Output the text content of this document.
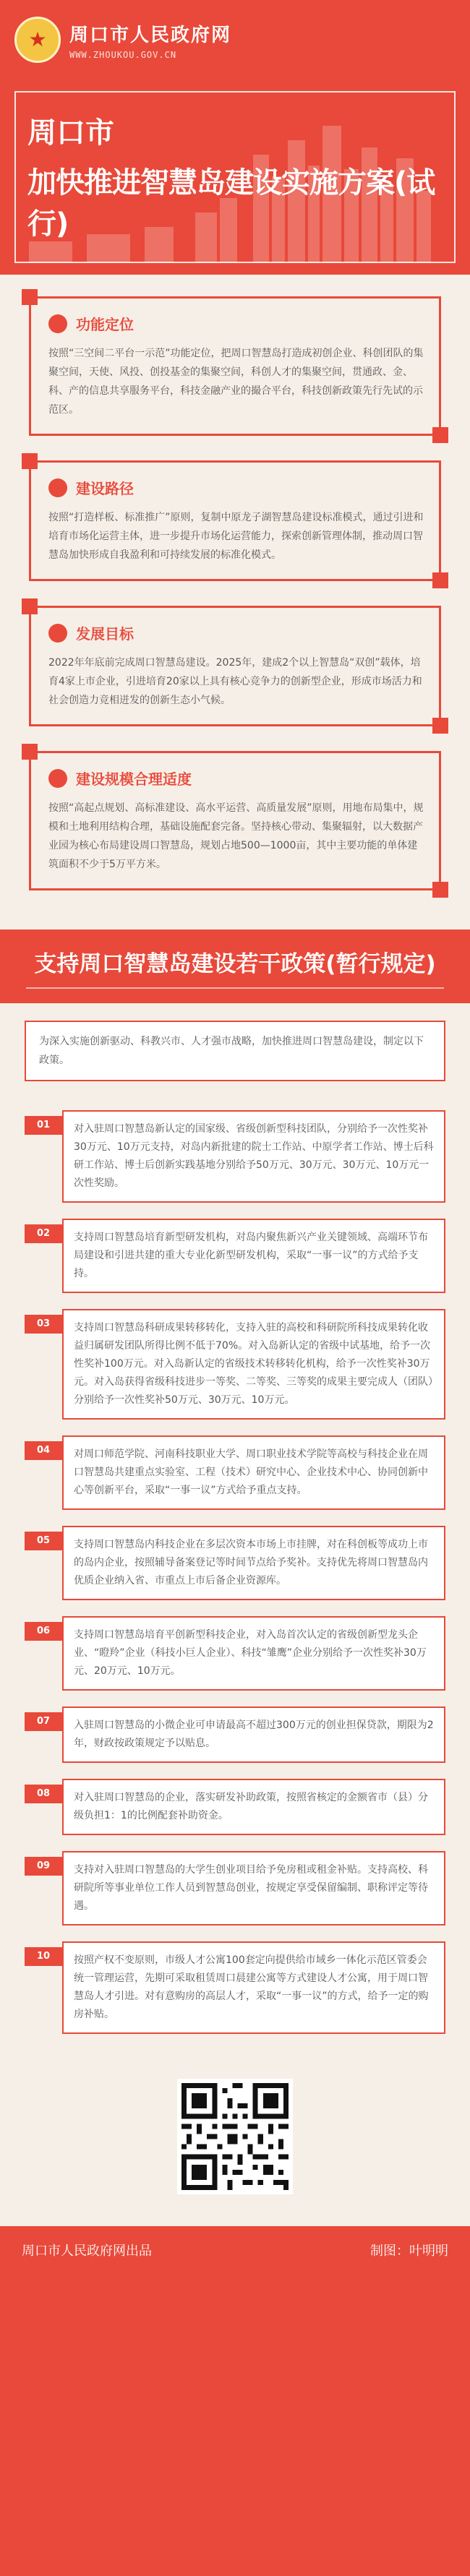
★
周口市人民政府网
WWW.ZHOUKOU.GOV.CN
周口市
加快推进智慧岛建设实施方案(试行)
功能定位
按照“三空间二平台一示范”功能定位，把周口智慧岛打造成初创企业、科创团队的集聚空间，天使、风投、创投基金的集聚空间，科创人才的集聚空间，贯通政、金、科、产的信息共享服务平台，科技金融产业的撮合平台，科技创新政策先行先试的示范区。
建设路径
按照“打造样板、标准推广”原则，复制中原龙子湖智慧岛建设标准模式，通过引进和培育市场化运营主体，进一步提升市场化运营能力，探索创新管理体制，推动周口智慧岛加快形成自我盈利和可持续发展的标准化模式。
发展目标
2022年年底前完成周口智慧岛建设。2025年，建成2个以上智慧岛“双创”载体，培育4家上市企业，引进培育20家以上具有核心竞争力的创新型企业，形成市场活力和社会创造力竞相迸发的创新生态小气候。
建设规模合理适度
按照“高起点规划、高标准建设、高水平运营、高质量发展”原则，用地布局集中，规模和土地利用结构合理，基础设施配套完备。坚持核心带动、集聚辐射，以大数据产业园为核心布局建设周口智慧岛，规划占地500—1000亩，其中主要功能的单体建筑面积不少于5万平方米。
支持周口智慧岛建设若干政策(暂行规定)
为深入实施创新驱动、科教兴市、人才强市战略，加快推进周口智慧岛建设，制定以下政策。
01	对入驻周口智慧岛新认定的国家级、省级创新型科技团队，分别给予一次性奖补30万元、10万元支持，对岛内新批建的院士工作站、中原学者工作站、博士后科研工作站、博士后创新实践基地分别给予50万元、30万元、30万元、10万元一次性奖励。
02	支持周口智慧岛培育新型研发机构，对岛内聚焦新兴产业关键领域、高端环节布局建设和引进共建的重大专业化新型研发机构，采取“一事一议”的方式给予支持。
03	支持周口智慧岛科研成果转移转化，支持入驻的高校和科研院所科技成果转化收益归属研发团队所得比例不低于70%。对入岛新认定的省级中试基地，给予一次性奖补100万元。对入岛新认定的省级技术转移转化机构，给予一次性奖补30万元。对入岛获得省级科技进步一等奖、二等奖、三等奖的成果主要完成人（团队）分别给予一次性奖补50万元、30万元、10万元。
04	对周口师范学院、河南科技职业大学、周口职业技术学院等高校与科技企业在周口智慧岛共建重点实验室、工程（技术）研究中心、企业技术中心、协同创新中心等创新平台，采取“一事一议”方式给予重点支持。
05	支持周口智慧岛内科技企业在多层次资本市场上市挂牌，对在科创板等成功上市的岛内企业，按照辅导备案登记等时间节点给予奖补。支持优先将周口智慧岛内优质企业纳入省、市重点上市后备企业资源库。
06	支持周口智慧岛培育平创新型科技企业，对入岛首次认定的省级创新型龙头企业、“瞪羚”企业（科技小巨人企业）、科技“雏鹰”企业分别给予一次性奖补30万元、20万元、10万元。
07	入驻周口智慧岛的小微企业可申请最高不超过300万元的创业担保贷款，期限为2年，财政按政策规定予以贴息。
08	对入驻周口智慧岛的企业，落实研发补助政策，按照省核定的金额省市（县）分级负担1：1的比例配套补助资金。
09	支持对入驻周口智慧岛的大学生创业项目给予免房租或租金补贴。支持高校、科研院所等事业单位工作人员到智慧岛创业，按规定享受保留编制、职称评定等待遇。
10	按照产权不变原则，市级人才公寓100套定向提供给市域乡一体化示范区管委会统一管理运营，先期可采取租赁周口晨建公寓等方式建设人才公寓，用于周口智慧岛人才引进。对有意购房的高层人才，采取“一事一议”的方式，给予一定的购房补贴。
周口市人民政府网出品	制图：叶明明
